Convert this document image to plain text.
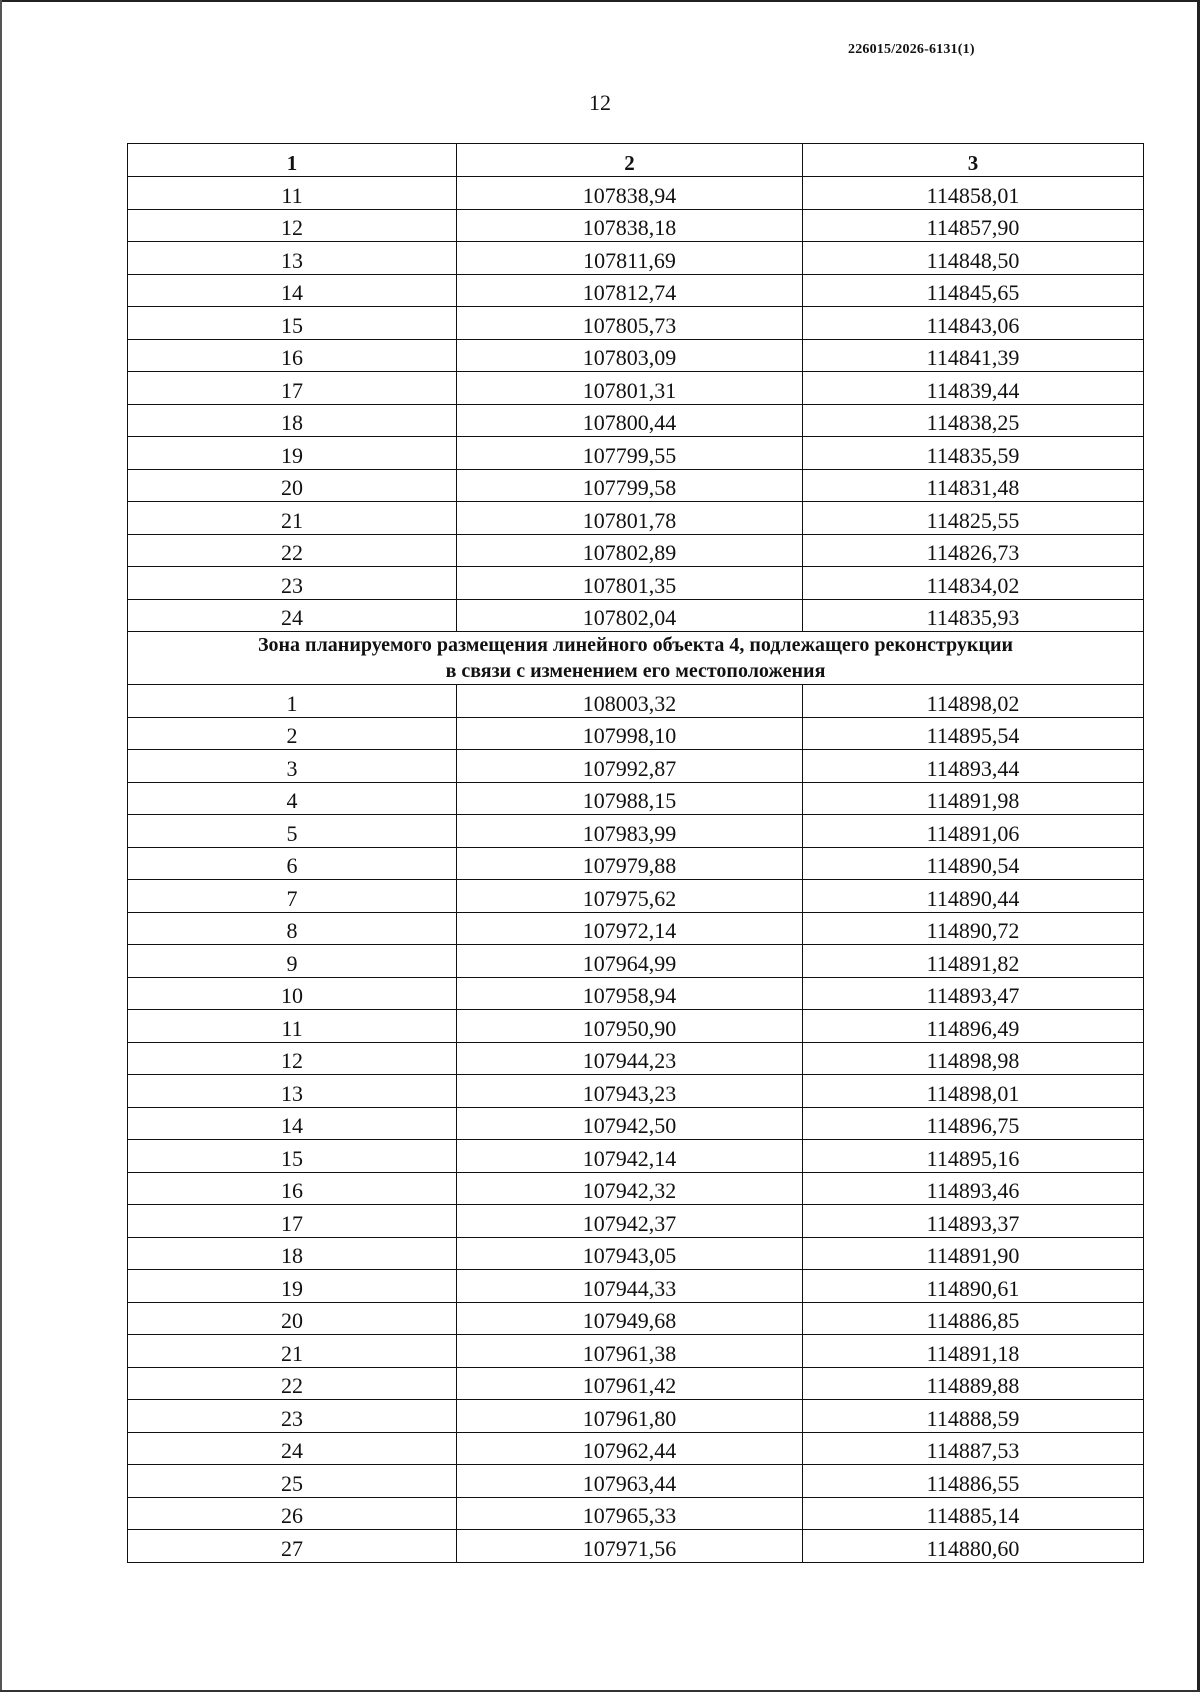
226015/2026-6131(1)
12
1	2	3
11	107838,94	114858,01
12	107838,18	114857,90
13	107811,69	114848,50
14	107812,74	114845,65
15	107805,73	114843,06
16	107803,09	114841,39
17	107801,31	114839,44
18	107800,44	114838,25
19	107799,55	114835,59
20	107799,58	114831,48
21	107801,78	114825,55
22	107802,89	114826,73
23	107801,35	114834,02
24	107802,04	114835,93

Зона планируемого размещения линейного объекта 4, подлежащего реконструкции
в связи с изменением его местоположения		

1	108003,32	114898,02
2	107998,10	114895,54
3	107992,87	114893,44
4	107988,15	114891,98
5	107983,99	114891,06
6	107979,88	114890,54
7	107975,62	114890,44
8	107972,14	114890,72
9	107964,99	114891,82
10	107958,94	114893,47
11	107950,90	114896,49
12	107944,23	114898,98
13	107943,23	114898,01
14	107942,50	114896,75
15	107942,14	114895,16
16	107942,32	114893,46
17	107942,37	114893,37
18	107943,05	114891,90
19	107944,33	114890,61
20	107949,68	114886,85
21	107961,38	114891,18
22	107961,42	114889,88
23	107961,80	114888,59
24	107962,44	114887,53
25	107963,44	114886,55
26	107965,33	114885,14
27	107971,56	114880,60
